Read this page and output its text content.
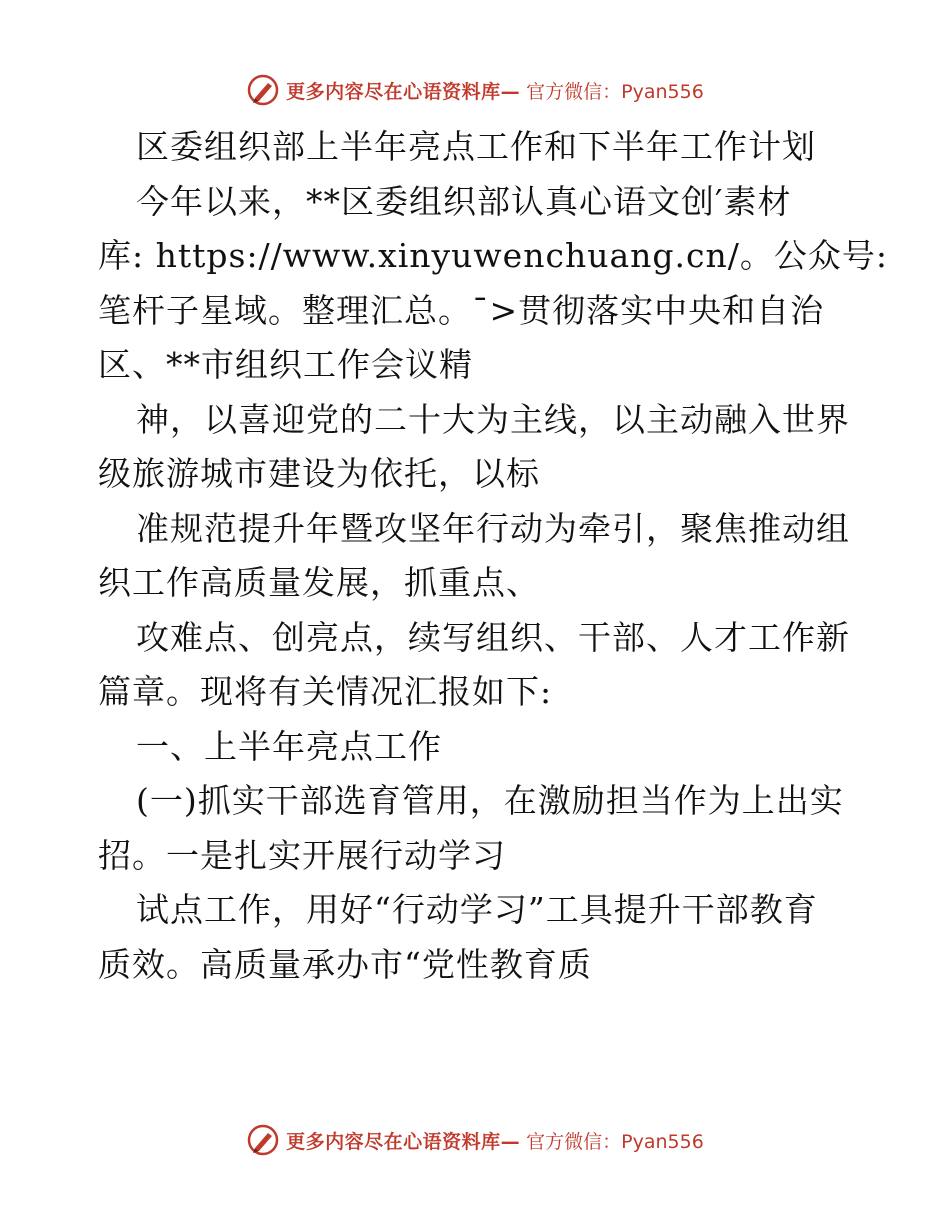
更多内容尽在心语资料库— 官方微信：Pyan556
区委组织部上半年亮点工作和下半年工作计划
今年以来，**区委组织部认真心语文创′素材
库: https://www.xinyuwenchuang.cn/。公众号:
笔杆子星域。整理汇总。¯>贯彻落实中央和自治
区、**市组织工作会议精
神，以喜迎党的二十大为主线，以主动融入世界
级旅游城市建设为依托，以标
准规范提升年暨攻坚年行动为牵引，聚焦推动组
织工作高质量发展，抓重点、
攻难点、创亮点，续写组织、干部、人才工作新
篇章。现将有关情况汇报如下:
一、上半年亮点工作
(一)抓实干部选育管用，在激励担当作为上出实
招。一是扎实开展行动学习
试点工作，用好“行动学习”工具提升干部教育
质效。高质量承办市“党性教育质
更多内容尽在心语资料库— 官方微信：Pyan556
